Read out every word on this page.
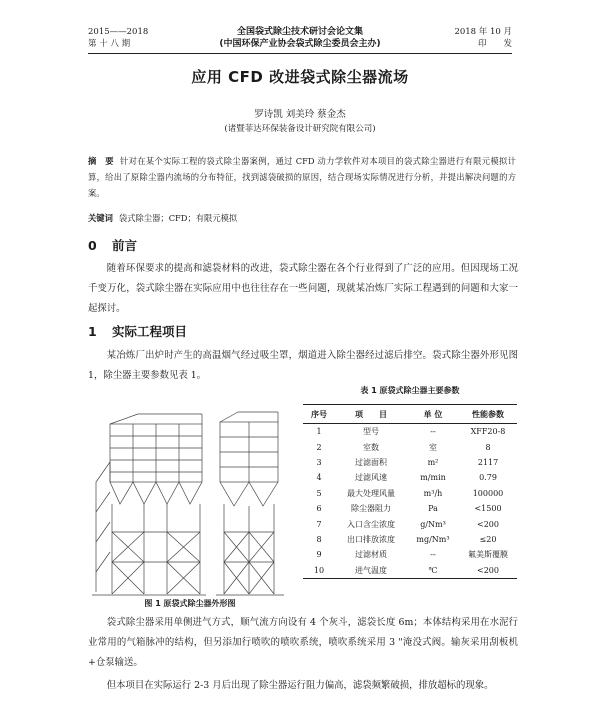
2015——2018
第 十 八 期
全国袋式除尘技术研讨会论文集
(中国环保产业协会袋式除尘委员会主办)
2018 年 10 月
印　　发
应用 CFD 改进袋式除尘器流场
罗诗凯 刘美玲 蔡金杰
(诸暨菲达环保装备设计研究院有限公司)
摘　要 针对在某个实际工程的袋式除尘器案例，通过 CFD 动力学软件对本项目的袋式除尘器进行有限元模拟计算，给出了原除尘器内流场的分布特征，找到滤袋破损的原因，结合现场实际情况进行分析，并提出解决问题的方案。
关键词 袋式除尘器；CFD；有限元模拟
0 前言
随着环保要求的提高和滤袋材料的改进，袋式除尘器在各个行业得到了广泛的应用。但因现场工况千变万化，袋式除尘器在实际应用中也往往存在一些问题，现就某冶炼厂实际工程遇到的问题和大家一起探讨。
1 实际工程项目
某冶炼厂出炉时产生的高温烟气经过吸尘罩，烟道进入除尘器经过滤后排空。袋式除尘器外形见图 1，除尘器主要参数见表 1。
图 1 原袋式除尘器外形图
表 1 原袋式除尘器主要参数
序号	项　　目	单 位	性能参数
1	型号	--	XFF20-8
2	室数	室	8
3	过滤面积	m²	2117
4	过滤风速	m/min	0.79
5	最大处理风量	m³/h	100000
6	除尘器阻力	Pa	<1500
7	入口含尘浓度	g/Nm³	<200
8	出口排放浓度	mg/Nm³	≤20
9	过滤材质	--	氟美斯覆膜
10	进气温度	℃	<200
袋式除尘器采用单侧进气方式，顺气流方向设有 4 个灰斗，滤袋长度 6m；本体结构采用在水泥行业常用的气箱脉冲的结构，但另添加行喷吹的喷吹系统，喷吹系统采用 3 "淹没式阀。输灰采用刮板机+仓泵输送。
但本项目在实际运行 2-3 月后出现了除尘器运行阻力偏高，滤袋频繁破损，排放超标的现象。
